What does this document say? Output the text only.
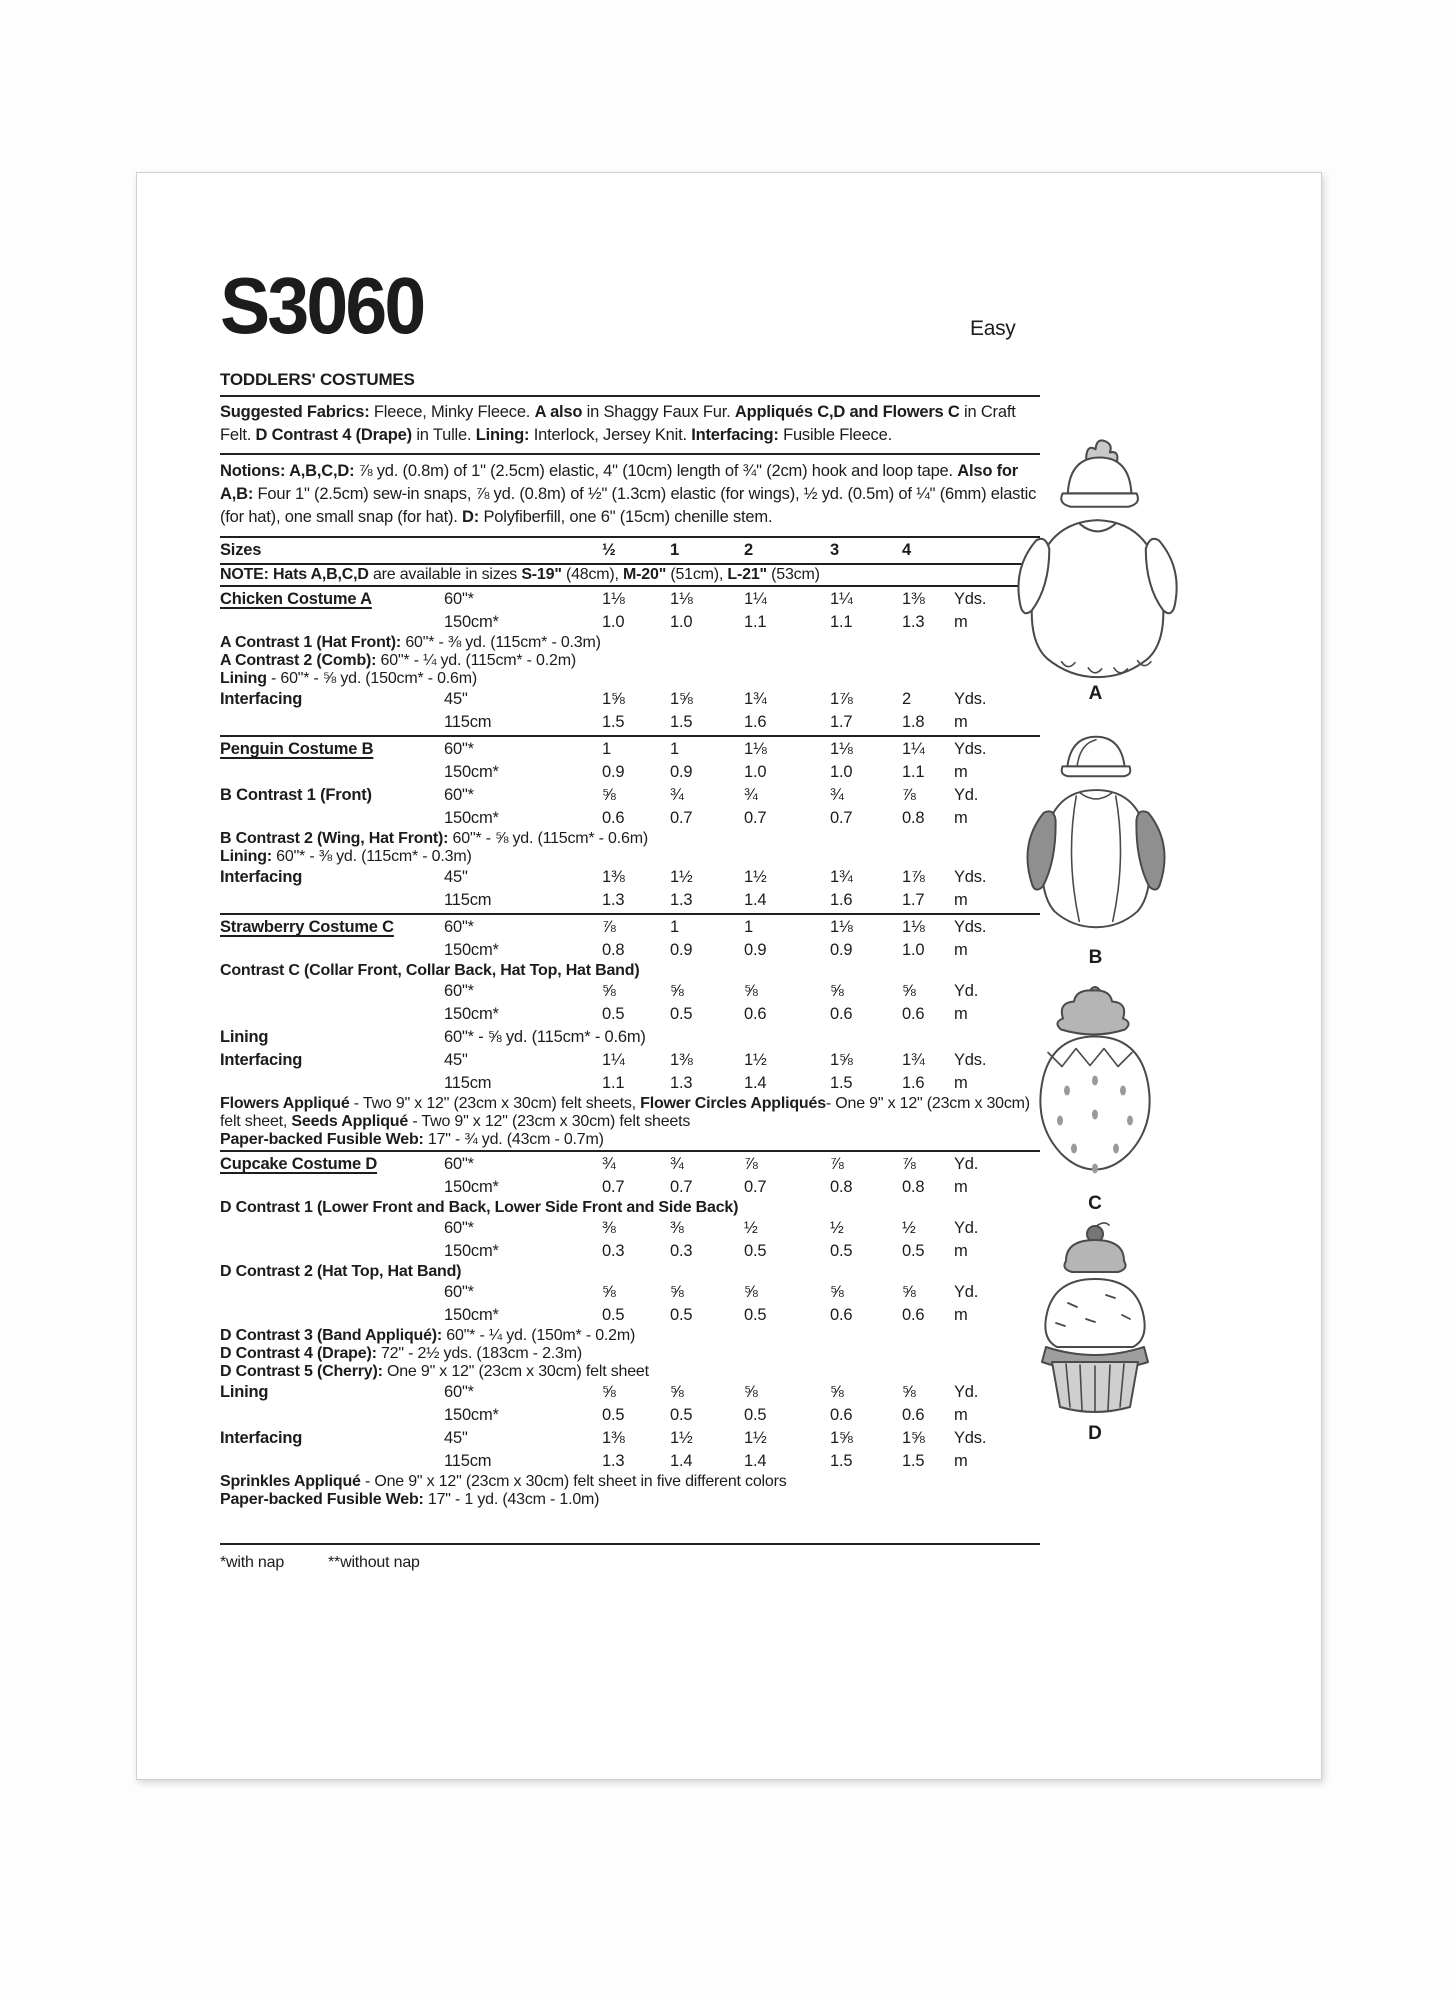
Easy
S3060
TODDLERS' COSTUMES

Suggested Fabrics: Fleece, Minky Fleece. A also in Shaggy Faux Fur. Appliqués C,D and Flowers C in Craft Felt. D Contrast 4 (Drape) in Tulle. Lining: Interlock, Jersey Knit. Interfacing: Fusible Fleece.

Notions: A,B,C,D: ⅞ yd. (0.8m) of 1" (2.5cm) elastic, 4" (10cm) length of ¾" (2cm) hook and loop tape. Also for A,B: Four 1" (2.5cm) sew-in snaps, ⅞ yd. (0.8m) of ½" (1.3cm) elastic (for wings), ½ yd. (0.5m) of ¼" (6mm) elastic (for hat), one small snap (for hat). D: Polyfiberfill, one 6" (15cm) chenille stem.

Sizes	½	1	2	3	4
NOTE: Hats A,B,C,D are available in sizes S-19" (48cm), M-20" (51cm), L-21" (53cm)
Chicken Costume A	60"*	1⅛	1⅛	1¼	1¼	1⅜	Yds.
150cm*	1.0	1.0	1.1	1.1	1.3	m
A Contrast 1 (Hat Front): 60"* - ⅜ yd. (115cm* - 0.3m)
A Contrast 2 (Comb): 60"* - ¼ yd. (115cm* - 0.2m)
Lining - 60"* - ⅝ yd. (150cm* - 0.6m)
Interfacing	45"	1⅝	1⅝	1¾	1⅞	2	Yds.
115cm	1.5	1.5	1.6	1.7	1.8	m
Penguin Costume B	60"*	1	1	1⅛	1⅛	1¼	Yds.
150cm*	0.9	0.9	1.0	1.0	1.1	m
B Contrast 1 (Front)	60"*	⅝	¾	¾	¾	⅞	Yd.
150cm*	0.6	0.7	0.7	0.7	0.8	m
B Contrast 2 (Wing, Hat Front): 60"* - ⅝ yd. (115cm* - 0.6m)
Lining: 60"* - ⅜ yd. (115cm* - 0.3m)
Interfacing	45"	1⅜	1½	1½	1¾	1⅞	Yds.
115cm	1.3	1.3	1.4	1.6	1.7	m
Strawberry Costume C	60"*	⅞	1	1	1⅛	1⅛	Yds.
150cm*	0.8	0.9	0.9	0.9	1.0	m
Contrast C (Collar Front, Collar Back, Hat Top, Hat Band)
60"*	⅝	⅝	⅝	⅝	⅝	Yd.
150cm*	0.5	0.5	0.6	0.6	0.6	m
Lining	60"* - ⅝ yd. (115cm* - 0.6m)
Interfacing	45"	1¼	1⅜	1½	1⅝	1¾	Yds.
115cm	1.1	1.3	1.4	1.5	1.6	m
Flowers Appliqué - Two 9" x 12" (23cm x 30cm) felt sheets, Flower Circles Appliqués- One 9" x 12" (23cm x 30cm) felt sheet, Seeds Appliqué - Two 9" x 12" (23cm x 30cm) felt sheets
Paper-backed Fusible Web: 17" - ¾ yd. (43cm - 0.7m)
Cupcake Costume D	60"*	¾	¾	⅞	⅞	⅞	Yd.
150cm*	0.7	0.7	0.7	0.8	0.8	m
D Contrast 1 (Lower Front and Back, Lower Side Front and Side Back)
60"*	⅜	⅜	½	½	½	Yd.
150cm*	0.3	0.3	0.5	0.5	0.5	m
D Contrast 2 (Hat Top, Hat Band)
60"*	⅝	⅝	⅝	⅝	⅝	Yd.
150cm*	0.5	0.5	0.5	0.6	0.6	m
D Contrast 3 (Band Appliqué): 60"* - ¼ yd. (150m* - 0.2m)
D Contrast 4 (Drape): 72" - 2½ yds. (183cm - 2.3m)
D Contrast 5 (Cherry): One 9" x 12" (23cm x 30cm) felt sheet
Lining	60"*	⅝	⅝	⅝	⅝	⅝	Yd.
150cm*	0.5	0.5	0.5	0.6	0.6	m
Interfacing	45"	1⅜	1½	1½	1⅝	1⅝	Yds.
115cm	1.3	1.4	1.4	1.5	1.5	m
Sprinkles Appliqué - One 9" x 12" (23cm x 30cm) felt sheet in five different colors
Paper-backed Fusible Web: 17" - 1 yd. (43cm - 1.0m)
*with nap	**without nap
A
B
C
D
